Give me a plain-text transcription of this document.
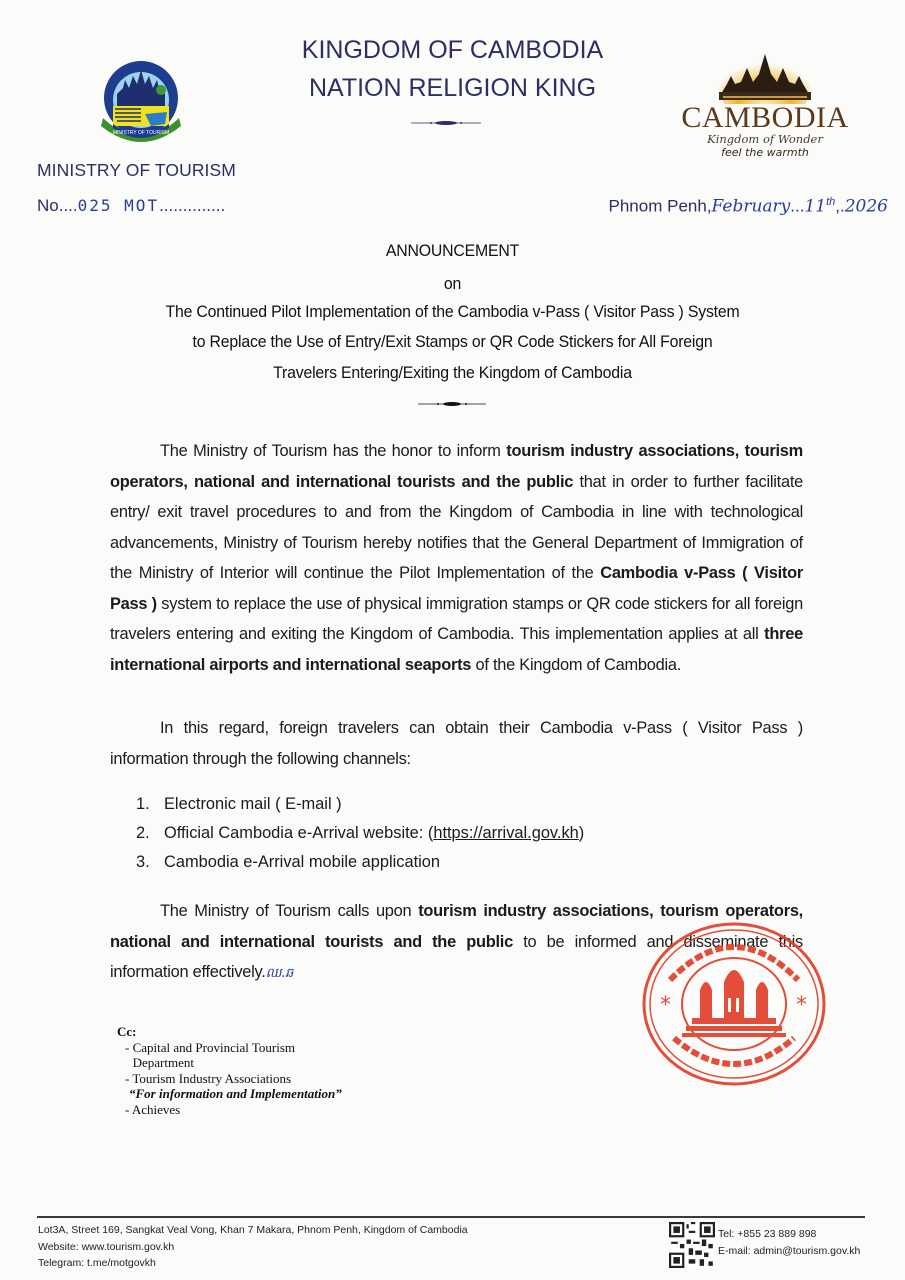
KINGDOM OF CAMBODIA
NATION RELIGION KING
MINISTRY OF TOURISM	CAMBODIA
Kingdom of Wonder
feel the warmth
MINISTRY OF TOURISM
No....025 MOT..............	Phnom Penh,February...11th,.2026
ANNOUNCEMENT
on
The Continued Pilot Implementation of the Cambodia v-Pass ( Visitor Pass ) System
to Replace the Use of Entry/Exit Stamps or QR Code Stickers for All Foreign
Travelers Entering/Exiting the Kingdom of Cambodia
The Ministry of Tourism has the honor to inform tourism industry associations, tourism operators, national and international tourists and the public that in order to further facilitate entry/ exit travel procedures to and from the Kingdom of Cambodia in line with technological advancements, Ministry of Tourism hereby notifies that the General Department of Immigration of the Ministry of Interior will continue the Pilot Implementation of the Cambodia v-Pass ( Visitor Pass ) system to replace the use of physical immigration stamps or QR code stickers for all foreign travelers entering and exiting the Kingdom of Cambodia. This implementation applies at all three international airports and international seaports of the Kingdom of Cambodia.
In this regard, foreign travelers can obtain their Cambodia v-Pass ( Visitor Pass ) information through the following channels:
1. Electronic mail ( E-mail )
2. Official Cambodia e-Arrival website: ( https://arrival.gov.kh )
3. Cambodia e-Arrival mobile application
The Ministry of Tourism calls upon tourism industry associations, tourism operators, national and international tourists and the public to be informed and disseminate this information effectively.ឈ.ឆ
*	*
Cc:
- Capital and Provincial Tourism Department
- Tourism Industry Associations
“For information and Implementation”
- Achieves
Lot3A, Street 169, Sangkat Veal Vong, Khan 7 Makara, Phnom Penh, Kingdom of Cambodia
Website: www.tourism.gov.kh
Telegram: t.me/motgovkh
Tel: +855 23 889 898
E-mail: admin@tourism.gov.kh
